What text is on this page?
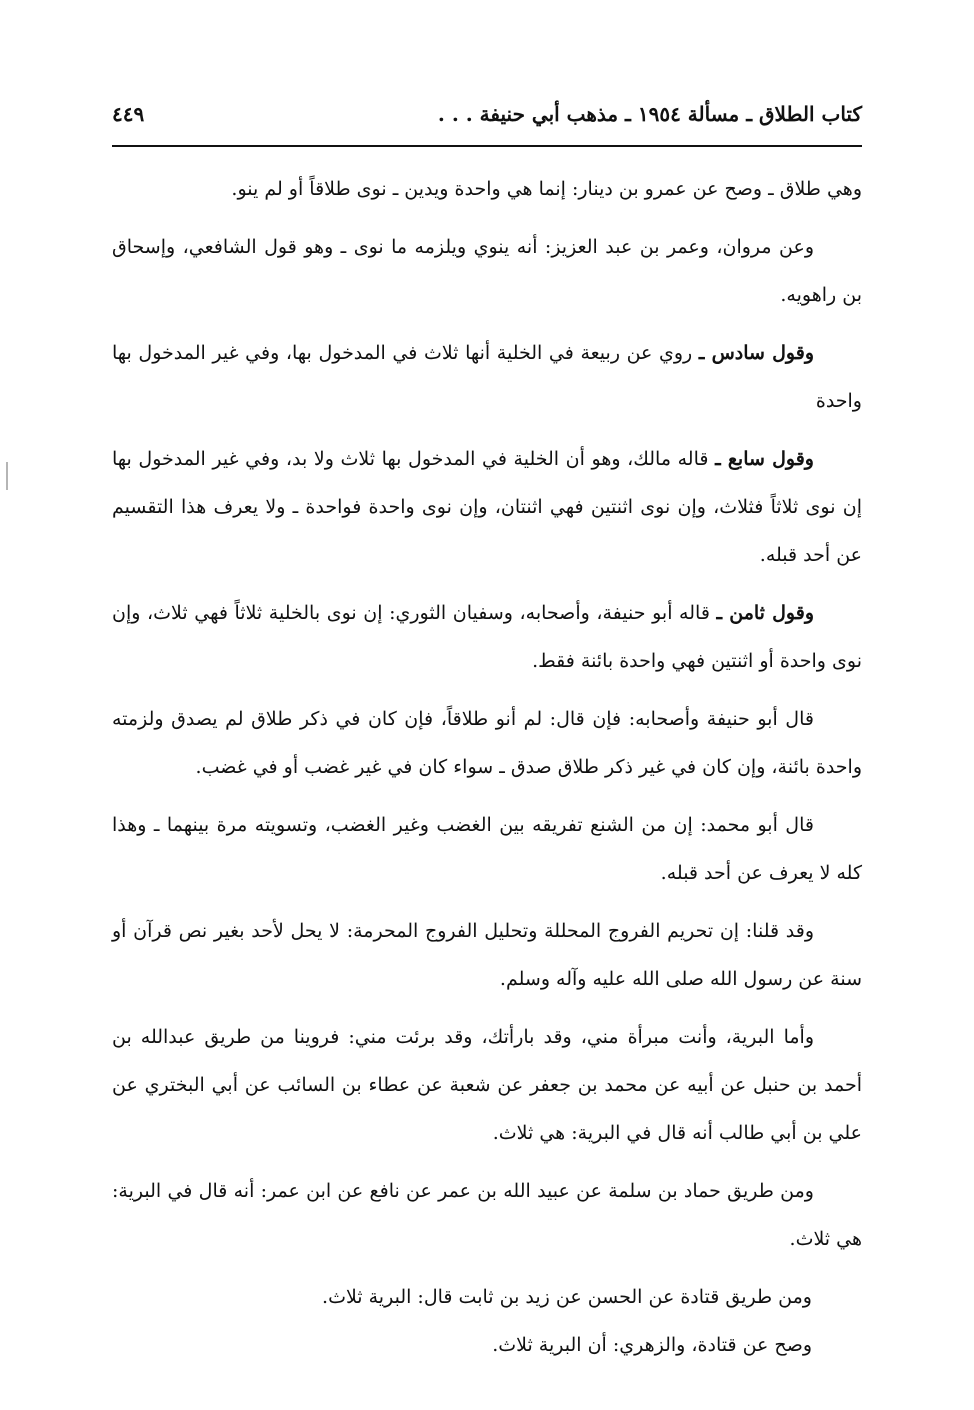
كتاب الطلاق ـ مسألة ١٩٥٤ ـ مذهب أبي حنيفة . . .
٤٤٩

وهي طلاق ـ وصح عن عمرو بن دينار: إنما هي واحدة ويدين ـ نوى طلاقاً أو لم ينو.

وعن مروان، وعمر بن عبد العزيز: أنه ينوي ويلزمه ما نوى ـ وهو قول الشافعي، وإسحاق بن راهويه.

وقول سادس ـ روي عن ربيعة في الخلية أنها ثلاث في المدخول بها، وفي غير المدخول بها واحدة

وقول سابع ـ قاله مالك، وهو أن الخلية في المدخول بها ثلاث ولا بد، وفي غير المدخول بها إن نوى ثلاثاً فثلاث، وإن نوى اثنتين فهي اثنتان، وإن نوى واحدة فواحدة ـ ولا يعرف هذا التقسيم عن أحد قبله.

وقول ثامن ـ قاله أبو حنيفة، وأصحابه، وسفيان الثوري: إن نوى بالخلية ثلاثاً فهي ثلاث، وإن نوى واحدة أو اثنتين فهي واحدة بائنة فقط.

قال أبو حنيفة وأصحابه: فإن قال: لم أنو طلاقاً، فإن كان في ذكر طلاق لم يصدق ولزمته واحدة بائنة، وإن كان في غير ذكر طلاق صدق ـ سواء كان في غير غضب أو في غضب.

قال أبو محمد: إن من الشنع تفريقه بين الغضب وغير الغضب، وتسويته مرة بينهما ـ وهذا كله لا يعرف عن أحد قبله.

وقد قلنا: إن تحريم الفروج المحللة وتحليل الفروج المحرمة: لا يحل لأحد بغير نص قرآن أو سنة عن رسول الله صلى الله عليه وآله وسلم.

وأما البرية، وأنت مبرأة مني، وقد بارأتك، وقد برئت مني: فروينا من طريق عبدالله بن أحمد بن حنبل عن أبيه عن محمد بن جعفر عن شعبة عن عطاء بن السائب عن أبي البختري عن علي بن أبي طالب أنه قال في البرية: هي ثلاث.

ومن طريق حماد بن سلمة عن عبيد الله بن عمر عن نافع عن ابن عمر: أنه قال في البرية: هي ثلاث.

ومن طريق قتادة عن الحسن عن زيد بن ثابت قال: البرية ثلاث.

وصح عن قتادة، والزهري: أن البرية ثلاث.
